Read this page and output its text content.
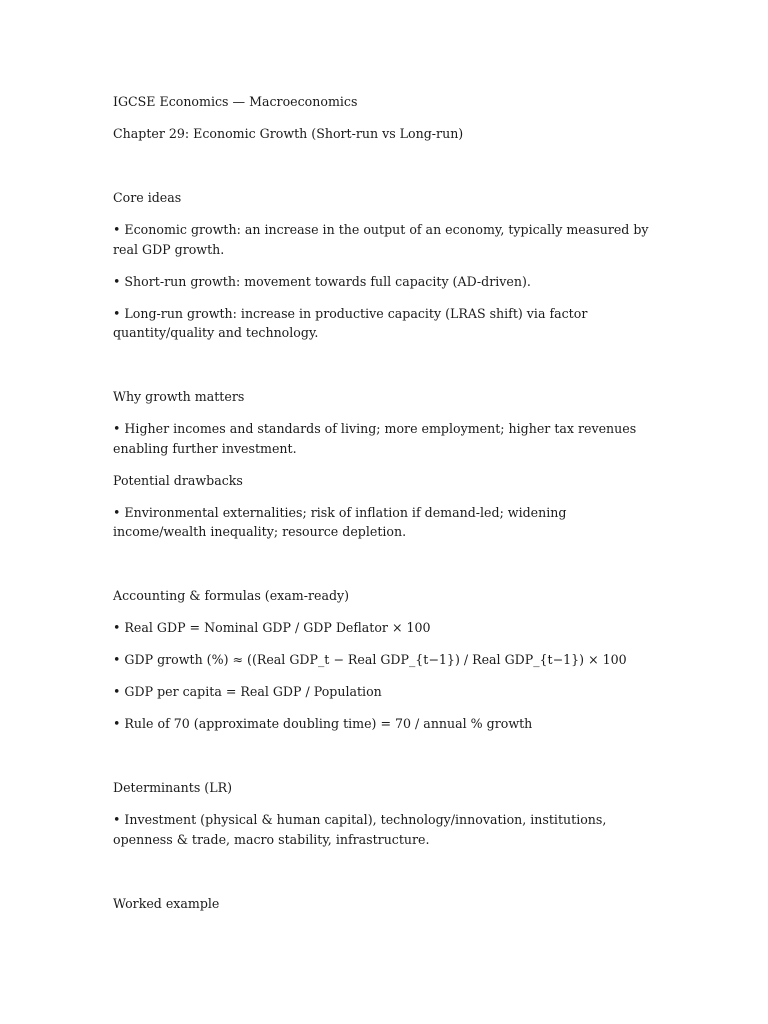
IGCSE Economics — Macroeconomics

Chapter 29: Economic Growth (Short-run vs Long-run)

Core ideas

• Economic growth: an increase in the output of an economy, typically measured by real GDP growth.

• Short-run growth: movement towards full capacity (AD-driven).

• Long-run growth: increase in productive capacity (LRAS shift) via factor quantity/quality and technology.

Why growth matters

• Higher incomes and standards of living; more employment; higher tax revenues enabling further investment.

Potential drawbacks

• Environmental externalities; risk of inflation if demand-led; widening income/wealth inequality; resource depletion.

Accounting & formulas (exam-ready)

• Real GDP = Nominal GDP / GDP Deflator × 100

• GDP growth (%) ≈ ((Real GDP_t − Real GDP_{t−1}) / Real GDP_{t−1}) × 100

• GDP per capita = Real GDP / Population

• Rule of 70 (approximate doubling time) = 70 / annual % growth

Determinants (LR)

• Investment (physical & human capital), technology/innovation, institutions, openness & trade, macro stability, infrastructure.

Worked example
